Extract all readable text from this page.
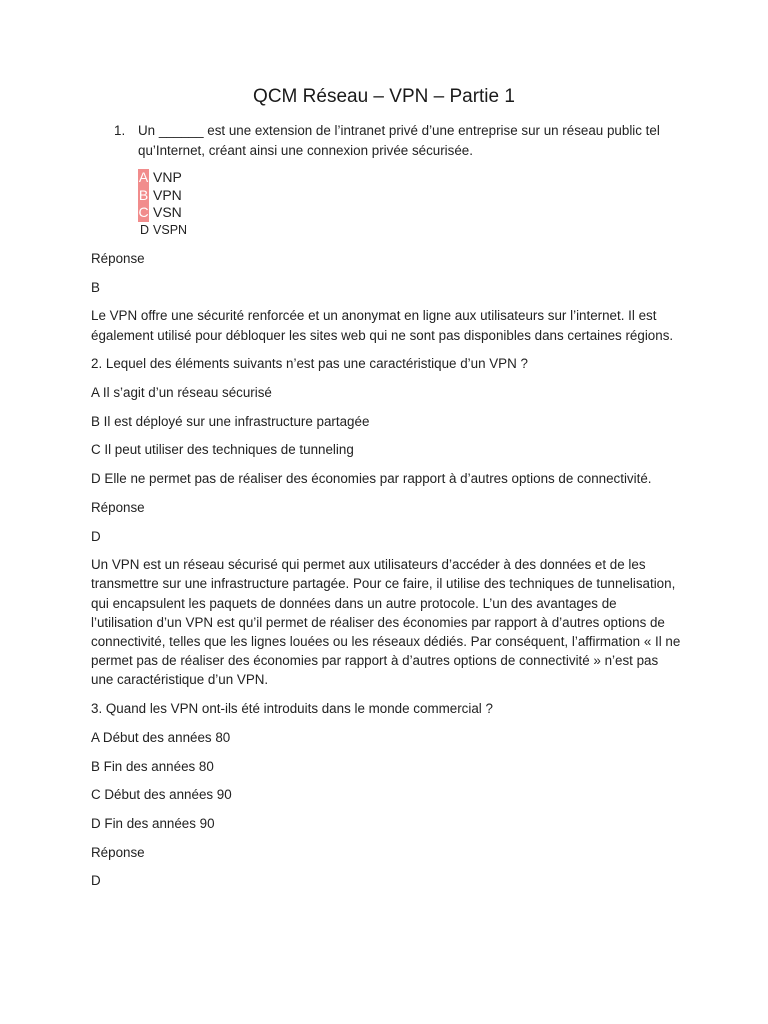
QCM Réseau – VPN – Partie 1
1. Un ______ est une extension de l’intranet privé d’une entreprise sur un réseau public tel qu’Internet, créant ainsi une connexion privée sécurisée.
A VNP
B VPN
C VSN
D VSPN

Réponse

B

Le VPN offre une sécurité renforcée et un anonymat en ligne aux utilisateurs sur l’internet. Il est également utilisé pour débloquer les sites web qui ne sont pas disponibles dans certaines régions.

2. Lequel des éléments suivants n’est pas une caractéristique d’un VPN ?

A Il s’agit d’un réseau sécurisé

B Il est déployé sur une infrastructure partagée

C Il peut utiliser des techniques de tunneling

D Elle ne permet pas de réaliser des économies par rapport à d’autres options de connectivité.

Réponse

D

Un VPN est un réseau sécurisé qui permet aux utilisateurs d’accéder à des données et de les transmettre sur une infrastructure partagée. Pour ce faire, il utilise des techniques de tunnelisation, qui encapsulent les paquets de données dans un autre protocole. L’un des avantages de l’utilisation d’un VPN est qu’il permet de réaliser des économies par rapport à d’autres options de connectivité, telles que les lignes louées ou les réseaux dédiés. Par conséquent, l’affirmation « Il ne permet pas de réaliser des économies par rapport à d’autres options de connectivité » n’est pas une caractéristique d’un VPN.

3. Quand les VPN ont-ils été introduits dans le monde commercial ?

A Début des années 80

B Fin des années 80

C Début des années 90

D Fin des années 90

Réponse

D
